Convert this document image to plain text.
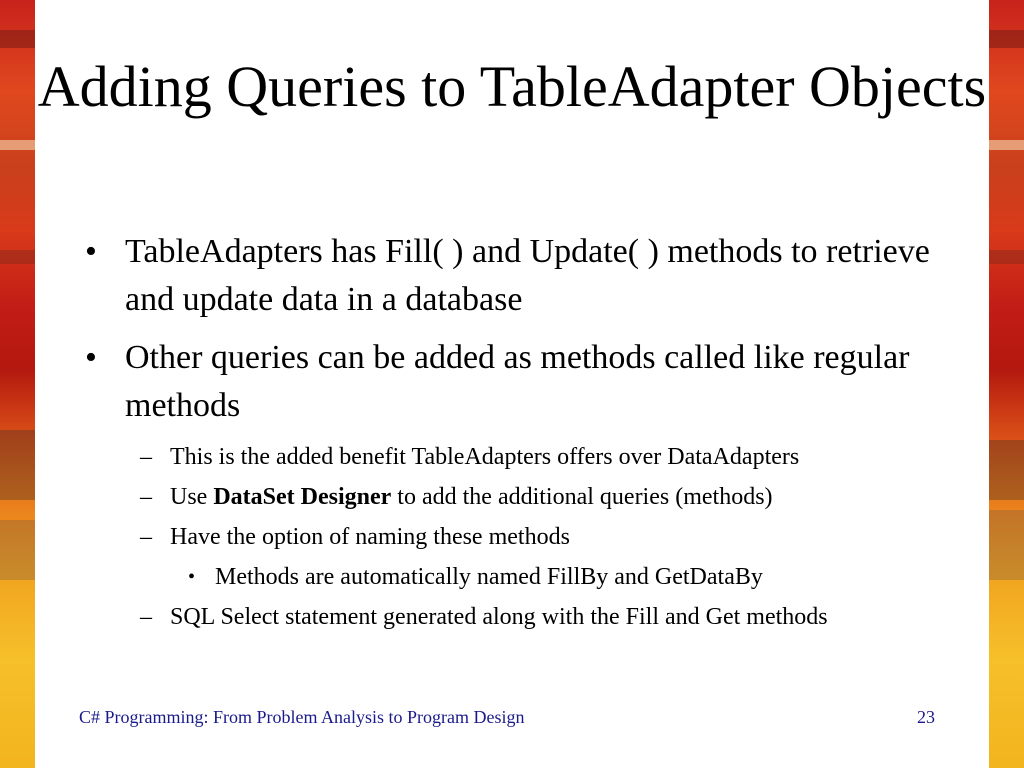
Adding Queries to TableAdapter Objects
• TableAdapters has Fill( ) and Update( ) methods to retrieve and update data in a database
• Other queries can be added as methods called like regular methods
– This is the added benefit TableAdapters offers over DataAdapters
– Use DataSet Designer to add the additional queries (methods)
– Have the option of naming these methods
• Methods are automatically named FillBy and GetDataBy
– SQL Select statement generated along with the Fill and Get methods
C# Programming: From Problem Analysis to Program Design	23
